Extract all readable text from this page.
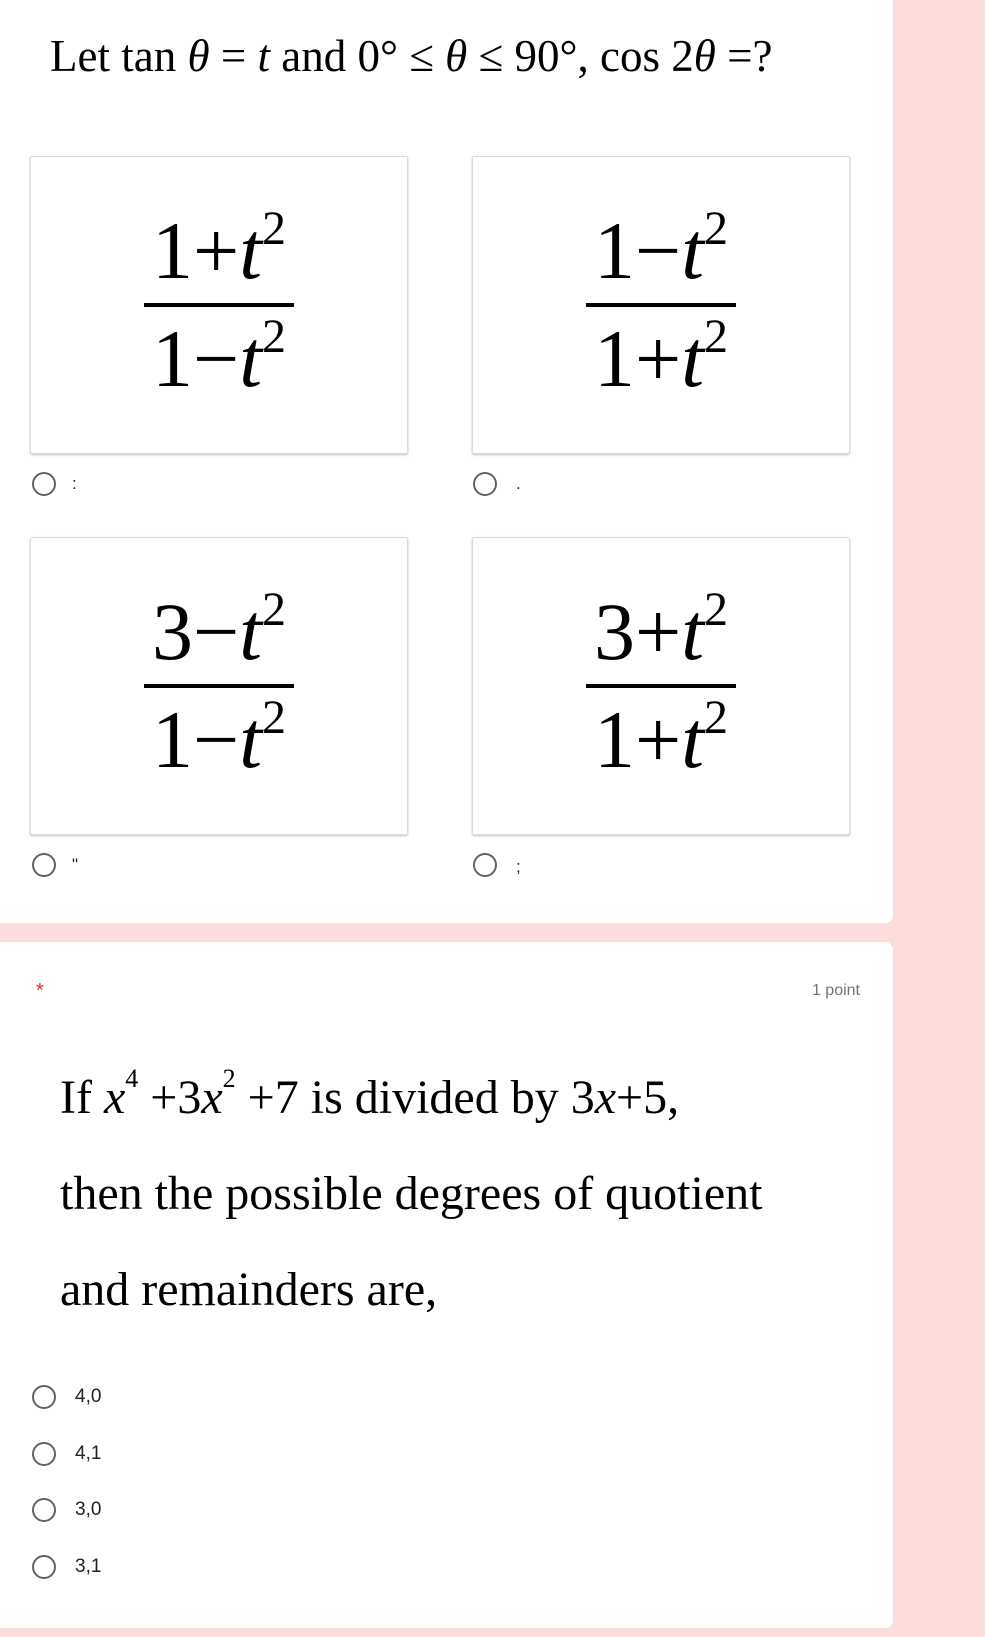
Let tan θ = t and 0° ≤ θ ≤ 90°, cos 2θ =?
$\frac{1+t^2}{1-t^2}$	$\frac{1-t^2}{1+t^2}$
:	.
$\frac{3-t^2}{1-t^2}$	$\frac{3+t^2}{1+t^2}$
"	;
*	1 point
If $x^4 +3x^2 +7$ is divided by 3x+5,
then the possible degrees of quotient
and remainders are,
4,0
4,1
3,0
3,1
